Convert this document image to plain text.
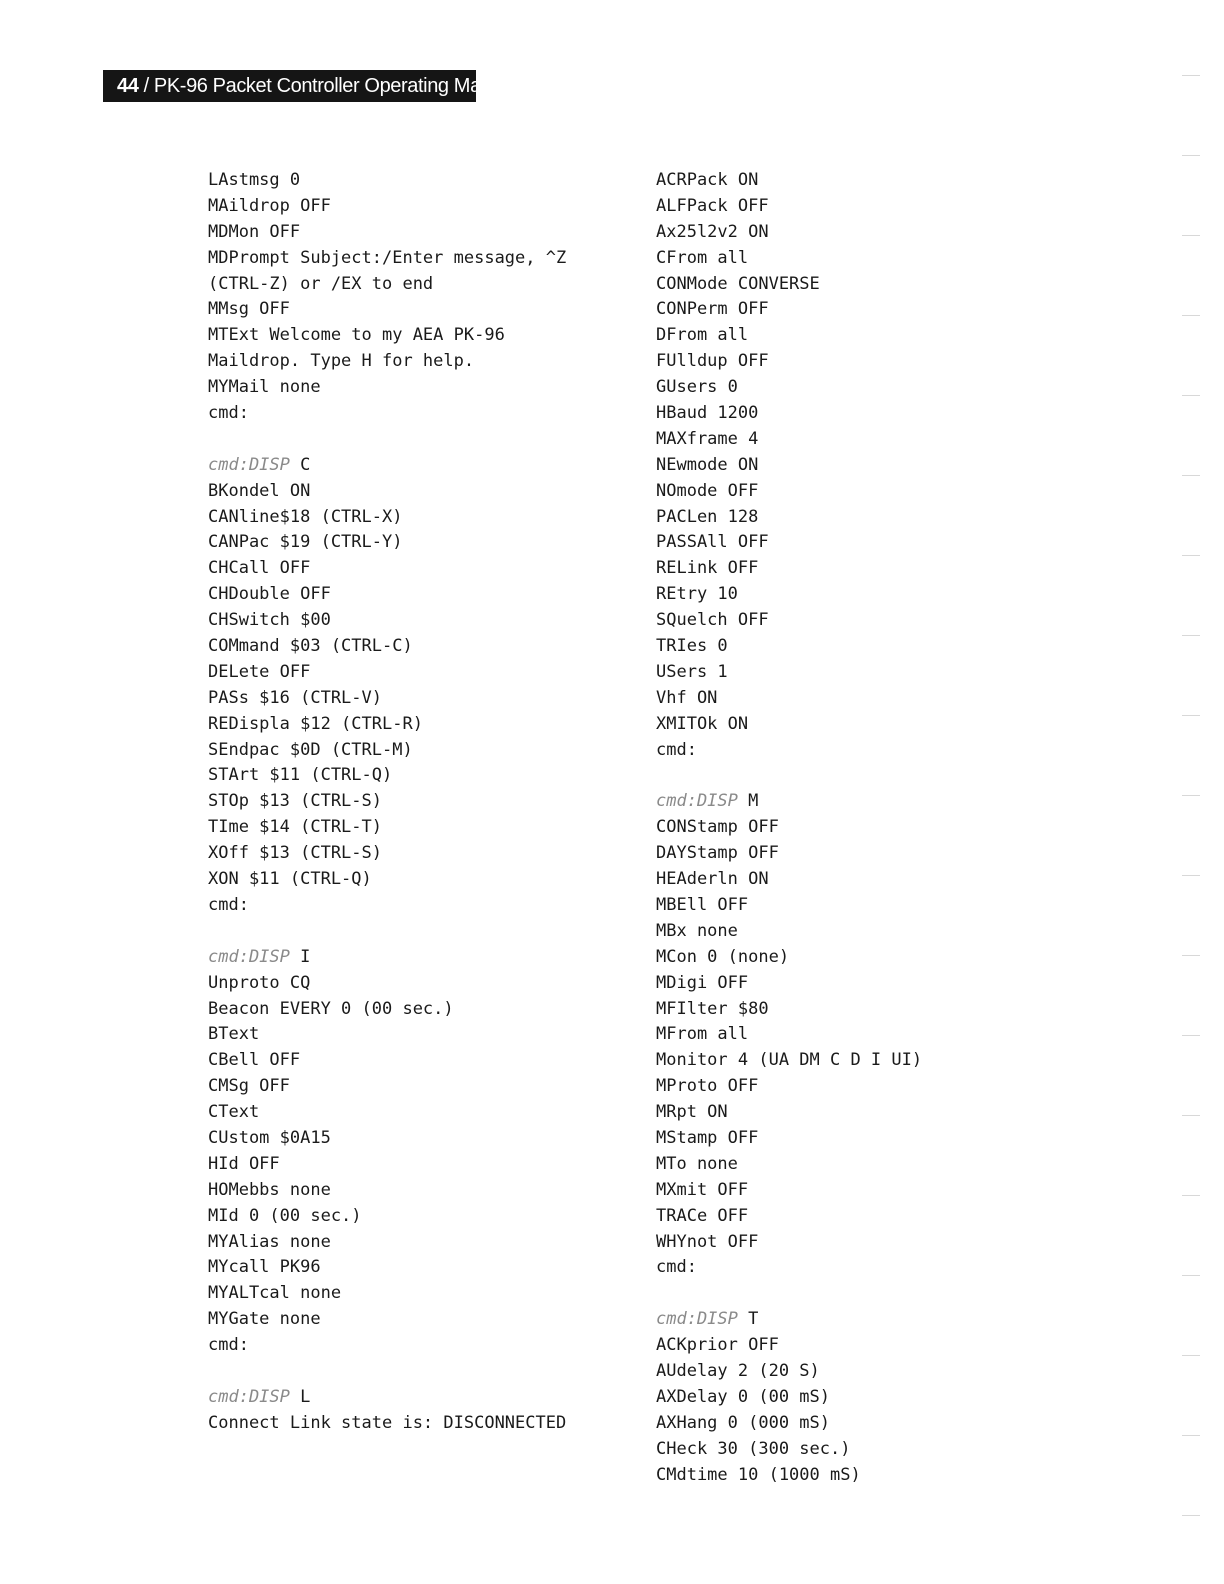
44 / PK-96 Packet Controller Operating Manual
LAstmsg 0
MAildrop OFF
MDMon OFF
MDPrompt Subject:/Enter message, ^Z
(CTRL-Z) or /EX to end
MMsg OFF
MTExt Welcome to my AEA PK-96
Maildrop. Type H for help.
MYMail none
cmd:
cmd:DISP C
BKondel ON
CANline$18 (CTRL-X)
CANPac $19 (CTRL-Y)
CHCall OFF
CHDouble OFF
CHSwitch $00
COMmand $03 (CTRL-C)
DELete OFF
PASs $16 (CTRL-V)
REDispla $12 (CTRL-R)
SEndpac $0D (CTRL-M)
STArt $11 (CTRL-Q)
STOp $13 (CTRL-S)
TIme $14 (CTRL-T)
XOff $13 (CTRL-S)
XON $11 (CTRL-Q)
cmd:
cmd:DISP I
Unproto CQ
Beacon EVERY 0 (00 sec.)
BText
CBell OFF
CMSg OFF
CText
CUstom $0A15
HId OFF
HOMebbs none
MId 0 (00 sec.)
MYAlias none
MYcall PK96
MYALTcal none
MYGate none
cmd:
cmd:DISP L
Connect Link state is: DISCONNECTED
ACRPack ON
ALFPack OFF
Ax25l2v2 ON
CFrom all
CONMode CONVERSE
CONPerm OFF
DFrom all
FUlldup OFF
GUsers 0
HBaud 1200
MAXframe 4
NEwmode ON
NOmode OFF
PACLen 128
PASSAll OFF
RELink OFF
REtry 10
SQuelch OFF
TRIes 0
USers 1
Vhf ON
XMITOk ON
cmd:
cmd:DISP M
CONStamp OFF
DAYStamp OFF
HEAderln ON
MBEll OFF
MBx none
MCon 0 (none)
MDigi OFF
MFIlter $80
MFrom all
Monitor 4 (UA DM C D I UI)
MProto OFF
MRpt ON
MStamp OFF
MTo none
MXmit OFF
TRACe OFF
WHYnot OFF
cmd:
cmd:DISP T
ACKprior OFF
AUdelay 2 (20 S)
AXDelay 0 (00 mS)
AXHang 0 (000 mS)
CHeck 30 (300 sec.)
CMdtime 10 (1000 mS)
